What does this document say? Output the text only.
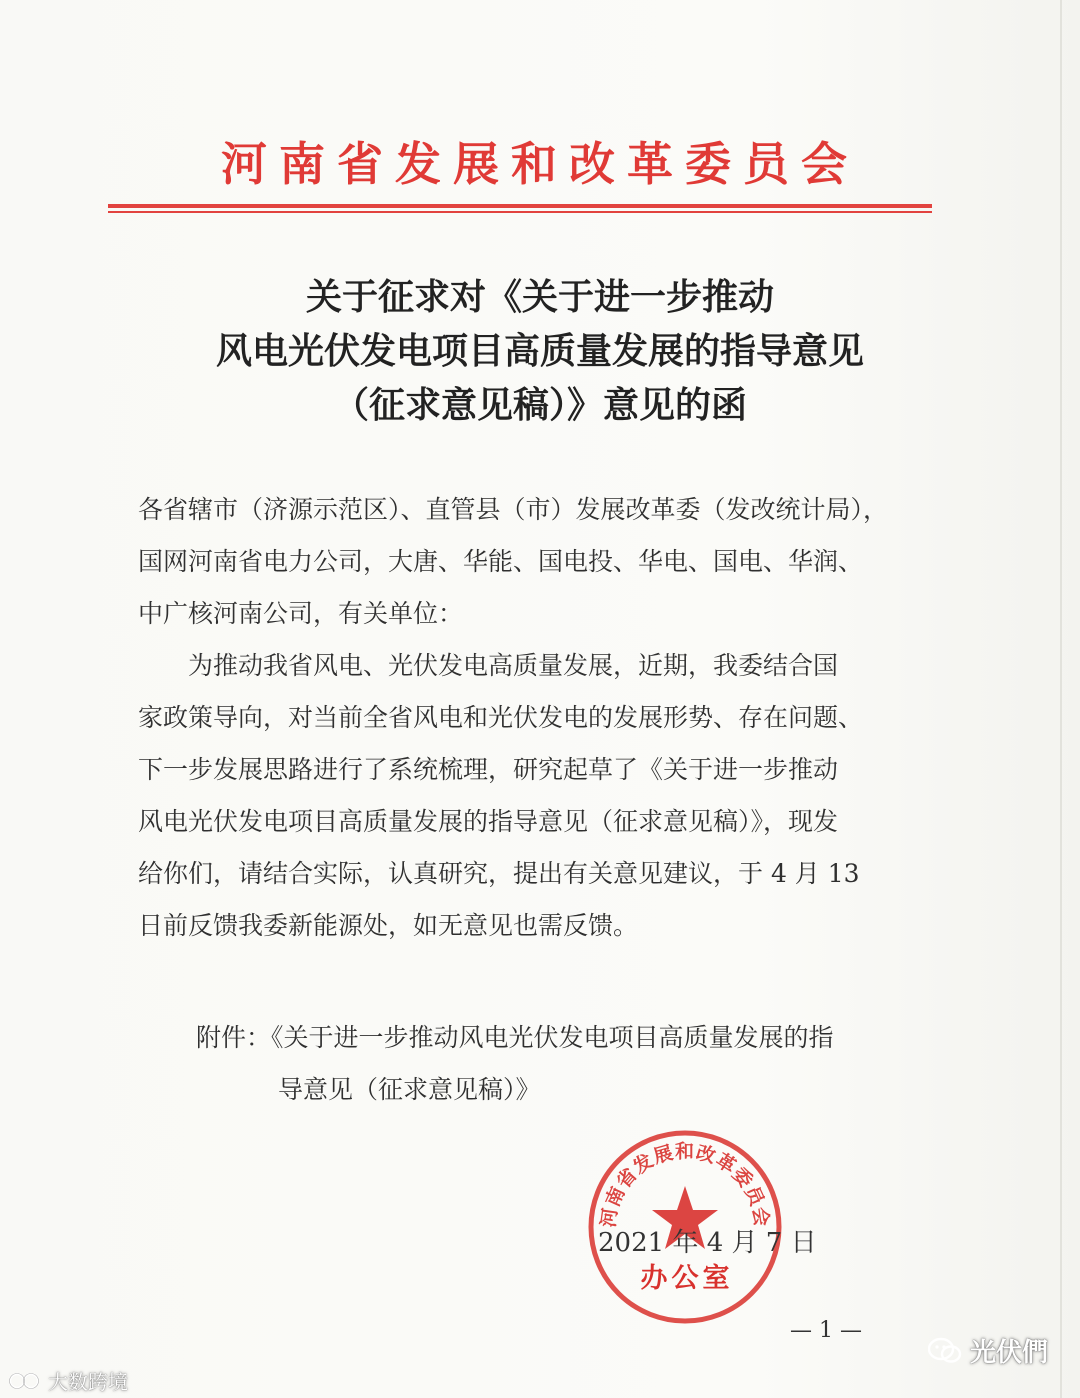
河南省发展和改革委员会
关于征求对《关于进一步推动
风电光伏发电项目高质量发展的指导意见
（征求意见稿）》意见的函
各省辖市（济源示范区）、直管县（市）发展改革委（发改统计局），
国网河南省电力公司，大唐、华能、国电投、华电、国电、华润、
中广核河南公司，有关单位：
　　为推动我省风电、光伏发电高质量发展，近期，我委结合国
家政策导向，对当前全省风电和光伏发电的发展形势、存在问题、
下一步发展思路进行了系统梳理，研究起草了《关于进一步推动
风电光伏发电项目高质量发展的指导意见（征求意见稿）》，现发
给你们，请结合实际，认真研究，提出有关意见建议，于 4 月 13
日前反馈我委新能源处，如无意见也需反馈。
附件：《关于进一步推动风电光伏发电项目高质量发展的指
导意见（征求意见稿）》
河南省发展和改革委员会
2021 年 4 月 7 日
办公室
— 1 —
大数跨境
光伏們
